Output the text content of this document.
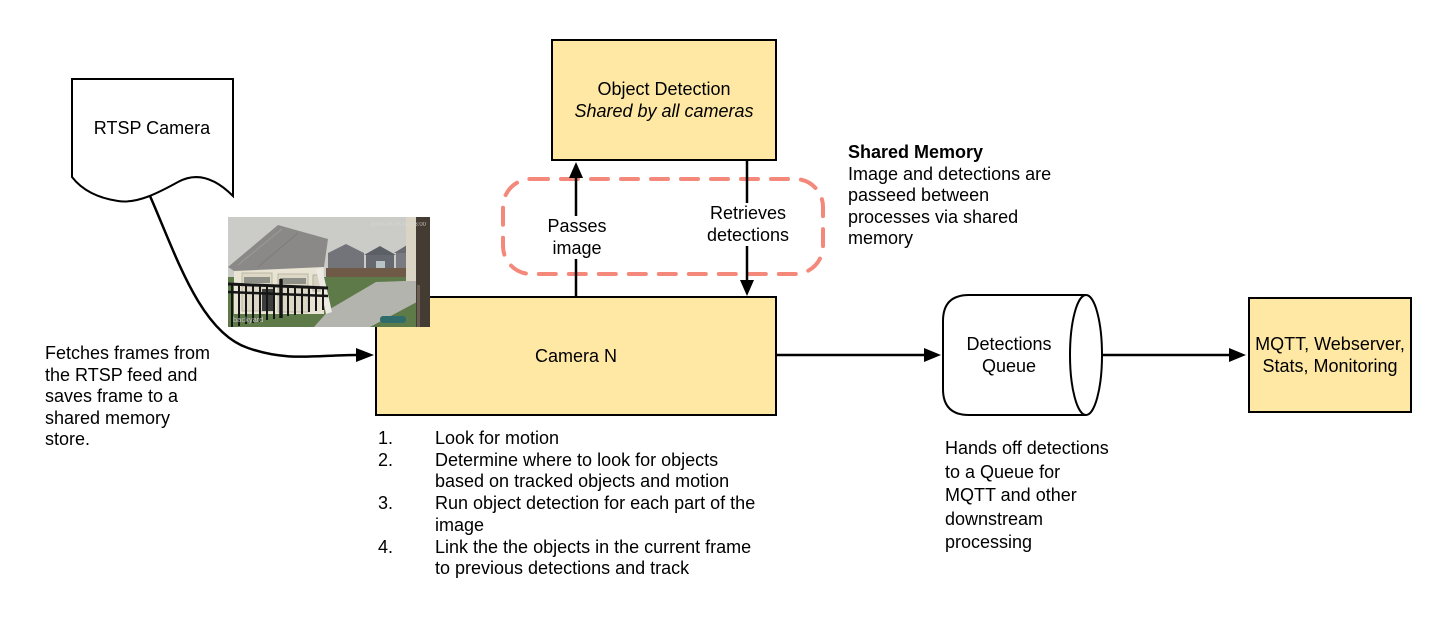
RTSP Camera
Object Detection
Shared by all cameras
Camera N
MQTT, Webserver,
Stats, Monitoring
Detections
Queue
Passes
image
Retrieves
detections
Shared Memory
Image and detections are
passeed between
processes via shared
memory
Fetches frames from
the RTSP feed and
saves frame to a
shared memory
store.	Hands off detections
to a Queue for
MQTT and other
downstream
processing
1.	Look for motion
2.	Determine where to look for objects
based on tracked objects and motion
3.	Run object detection for each part of the
image
4.	Link the the objects in the current frame
to previous detections and track
2019-03-06 09:46:00
backyard
